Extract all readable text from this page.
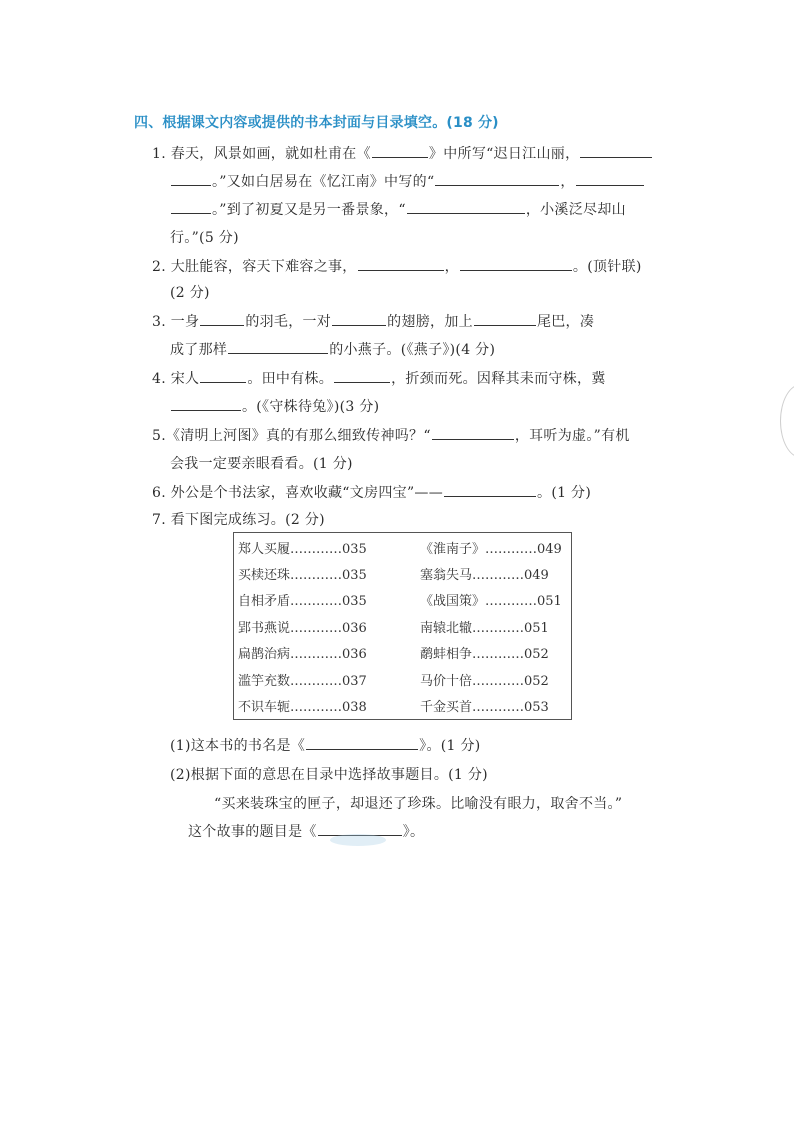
四、根据课文内容或提供的书本封面与目录填空。(18 分)
1. 春天，风景如画，就如杜甫在《	》中所写“迟日江山丽，
。”又如白居易在《忆江南》中写的“	，
。”到了初夏又是另一番景象，“	，小溪泛尽却山
行。”(5 分)
2. 大肚能容，容天下难容之事，	，	。(顶针联)
(2 分)
3. 一身	的羽毛，一对	的翅膀，加上	尾巴，凑
成了那样	的小燕子。(《燕子》)(4 分)
4. 宋人	。田中有株。	，折颈而死。因释其耒而守株，冀
。(《守株待兔》)(3 分)
5.《清明上河图》真的有那么细致传神吗？“	，耳听为虚。”有机
会我一定要亲眼看看。(1 分)
6. 外公是个书法家，喜欢收藏“文房四宝”——	。(1 分)
7. 看下图完成练习。(2 分)
郑人买履…………035	《淮南子》…………049
买椟还珠…………035	塞翁失马…………049
自相矛盾…………035	《战国策》…………051
郢书燕说…………036	南辕北辙…………051
扁鹊治病…………036	鹬蚌相争…………052
滥竽充数…………037	马价十倍…………052
不识车轭…………038	千金买首…………053
(1)这本书的书名是《	》。(1 分)
(2)根据下面的意思在目录中选择故事题目。(1 分)
“买来装珠宝的匣子，却退还了珍珠。比喻没有眼力，取舍不当。”
这个故事的题目是《	》。
